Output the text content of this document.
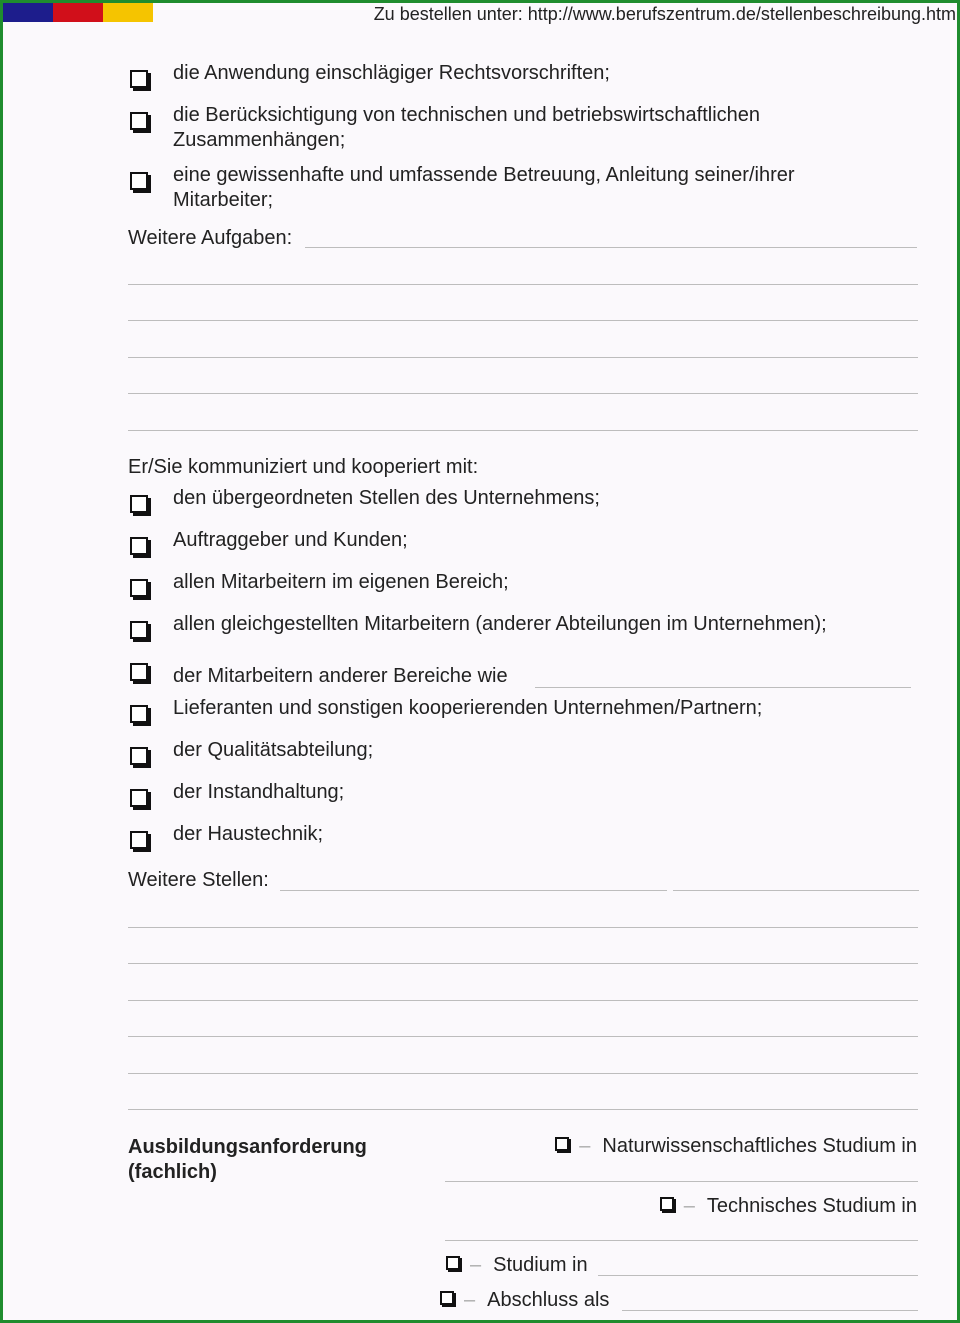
Zu bestellen unter: http://www.berufszentrum.de/stellenbeschreibung.htm
die Anwendung einschlägiger Rechtsvorschriften;
die Berücksichtigung von technischen und betriebswirtschaftlichen Zusammenhängen;
eine gewissenhafte und umfassende Betreuung, Anleitung seiner/ihrer Mitarbeiter;
Weitere Aufgaben:
Er/Sie kommuniziert und kooperiert mit:
den übergeordneten Stellen des Unternehmens;
Auftraggeber und Kunden;
allen Mitarbeitern im eigenen Bereich;
allen gleichgestellten Mitarbeitern (anderer Abteilungen im Unternehmen);
der Mitarbeitern anderer Bereiche wie
Lieferanten und sonstigen kooperierenden Unternehmen/Partnern;
der Qualitätsabteilung;
der Instandhaltung;
der Haustechnik;
Weitere Stellen:
Ausbildungsanforderung
(fachlich)
– Naturwissenschaftliches Studium in
– Technisches Studium in
– Studium in
– Abschluss als
